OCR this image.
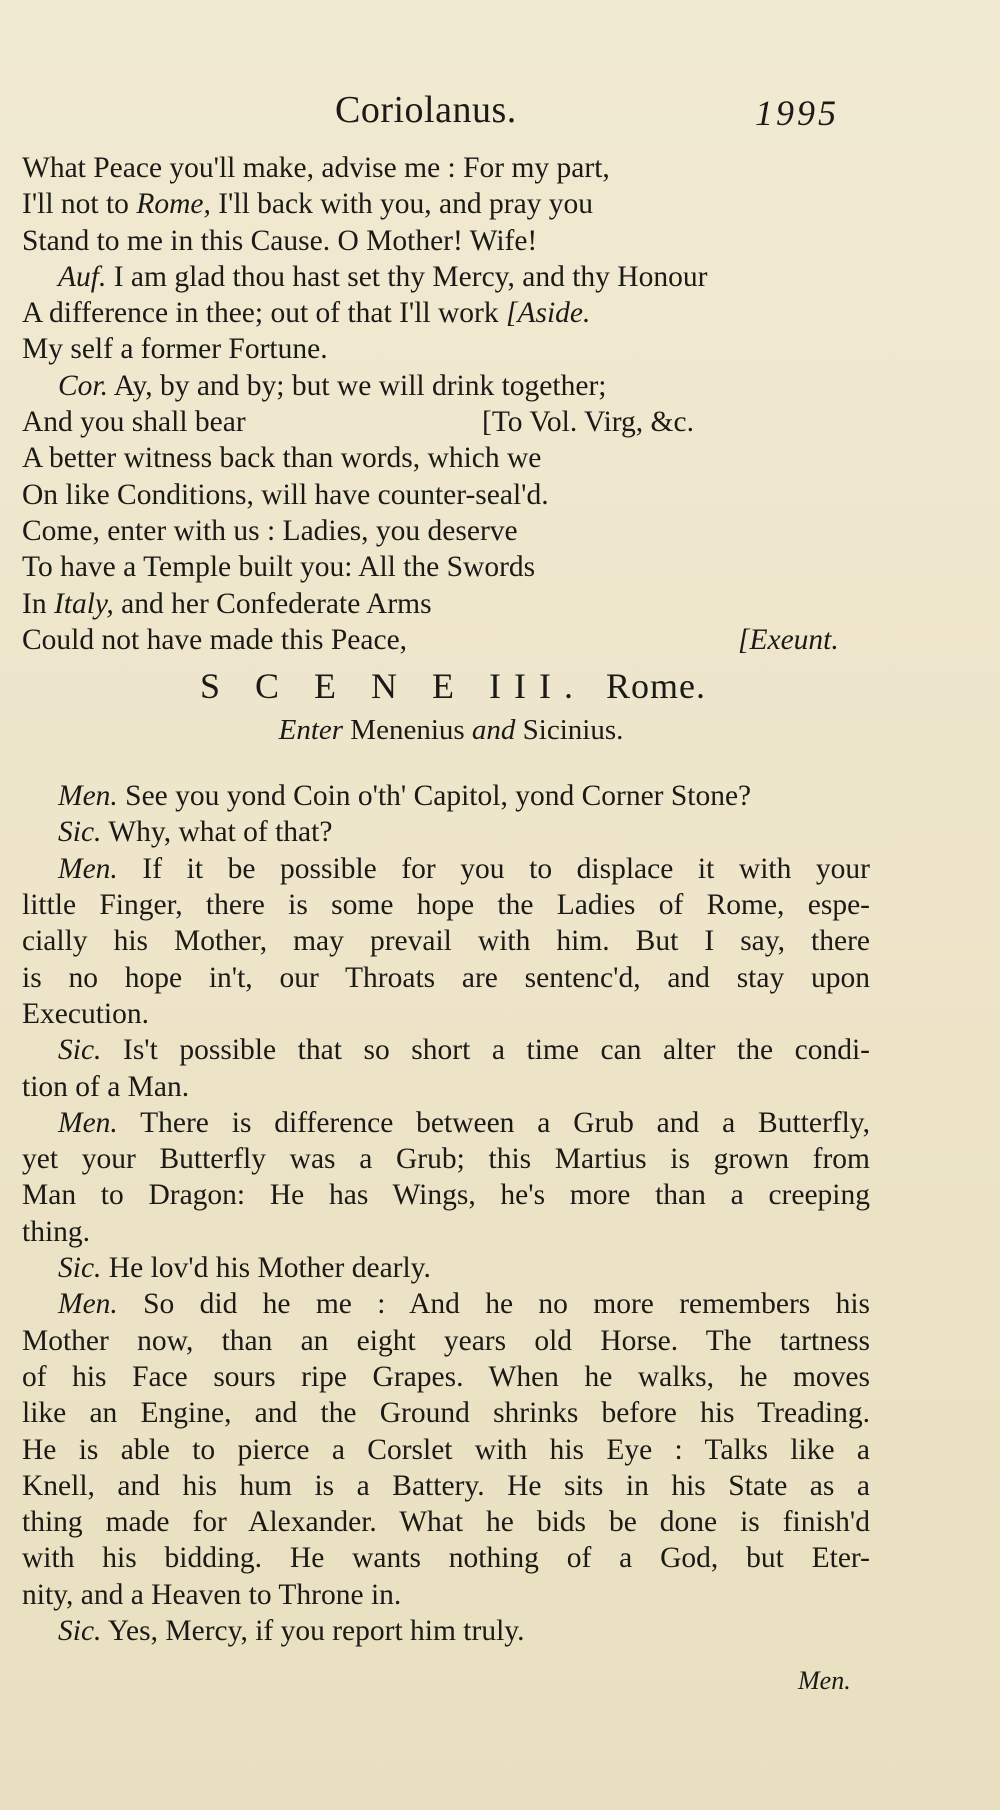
Coriolanus.	1995
What Peace you'll make, advise me : For my part,
I'll not to Rome, I'll back with you, and pray you
Stand to me in this Cause. O Mother! Wife!
Auf. I am glad thou hast set thy Mercy, and thy Honour
A difference in thee; out of that I'll work [Aside.
My self a former Fortune.
Cor. Ay, by and by; but we will drink together;
And you shall bear	[To Vol. Virg, &c.
A better witness back than words, which we
On like Conditions, will have counter-seal'd.
Come, enter with us : Ladies, you deserve
To have a Temple built you: All the Swords
In Italy, and her Confederate Arms
Could not have made this Peace,	[Exeunt.
S C E N E III. Rome.
Enter Menenius and Sicinius.
Men. See you yond Coin o'th' Capitol, yond Corner Stone?
Sic. Why, what of that?
Men. If it be possible for you to displace it with your
little Finger, there is some hope the Ladies of Rome, espe-
cially his Mother, may prevail with him. But I say, there
is no hope in't, our Throats are sentenc'd, and stay upon
Execution.
Sic. Is't possible that so short a time can alter the condi-
tion of a Man.
Men. There is difference between a Grub and a Butterfly,
yet your Butterfly was a Grub; this Martius is grown from
Man to Dragon: He has Wings, he's more than a creeping
thing.
Sic. He lov'd his Mother dearly.
Men. So did he me : And he no more remembers his
Mother now, than an eight years old Horse. The tartness
of his Face sours ripe Grapes. When he walks, he moves
like an Engine, and the Ground shrinks before his Treading.
He is able to pierce a Corslet with his Eye : Talks like a
Knell, and his hum is a Battery. He sits in his State as a
thing made for Alexander. What he bids be done is finish'd
with his bidding. He wants nothing of a God, but Eter-
nity, and a Heaven to Throne in.
Sic. Yes, Mercy, if you report him truly.
Men.
